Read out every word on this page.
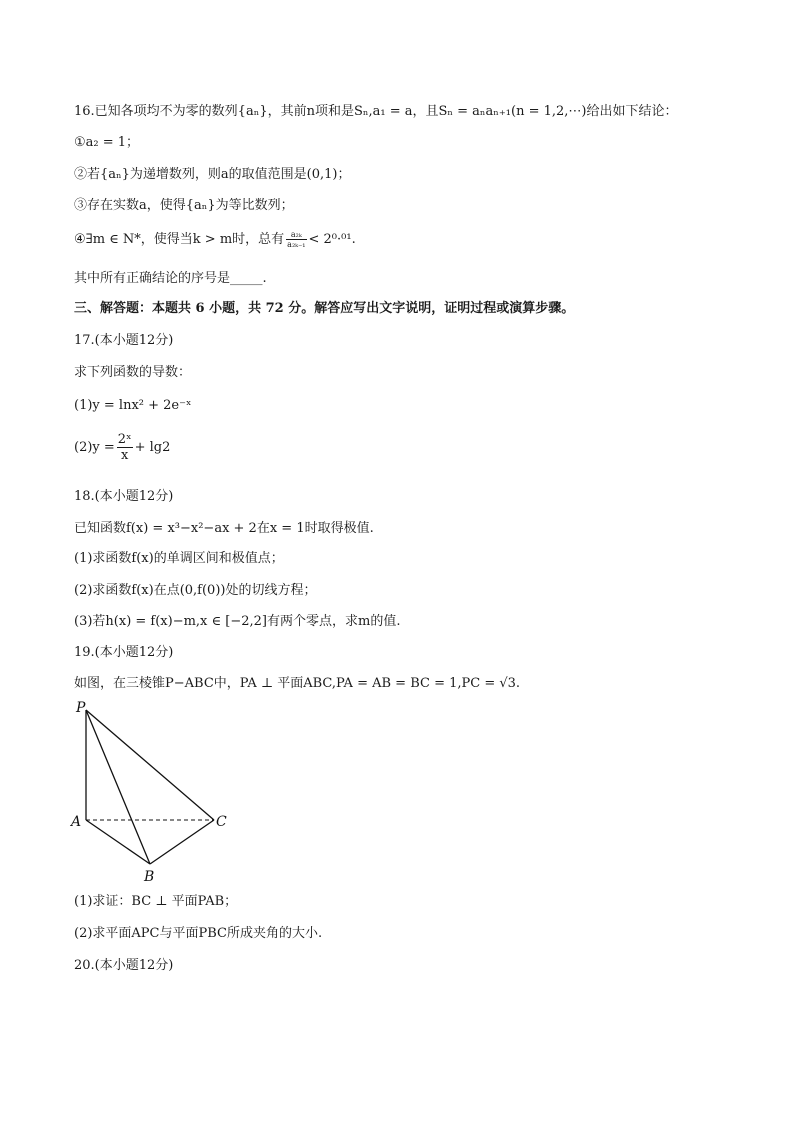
16.已知各项均不为零的数列{aₙ}，其前n项和是Sₙ,a₁ = a，且Sₙ = aₙaₙ₊₁(n = 1,2,⋯)给出如下结论：
①a₂ = 1；
②若{aₙ}为递增数列，则a的取值范围是(0,1)；
③存在实数a，使得{aₙ}为等比数列；
④∃m ∈ N*，使得当k > m时，总有 $\frac{\text{a₂ₖ}}{\text{a₂ₖ₋₁}} < 2^0\cdot^{01}$.
其中所有正确结论的序号是_____.
三、解答题：本题共 6 小题，共 72 分。解答应写出文字说明，证明过程或演算步骤。
17.(本小题12分)
求下列函数的导数：
(1)y = lnx² + 2e⁻ˣ
$(2)y = \frac{\text{2ˣ}}{x} + \lg 2$
18.(本小题12分)
已知函数f(x) = x³−x²−ax + 2在x = 1时取得极值.
(1)求函数f(x)的单调区间和极值点；
(2)求函数f(x)在点(0,f(0))处的切线方程；
(3)若h(x) = f(x)−m,x ∈ [−2,2]有两个零点，求m的值.
19.(本小题12分)
如图，在三棱锥P−ABC中，PA ⊥ 平面ABC,PA = AB = BC = 1,PC = √3.
P
A	C
B
(1)求证：BC ⊥ 平面PAB；
(2)求平面APC与平面PBC所成夹角的大小.
20.(本小题12分)
